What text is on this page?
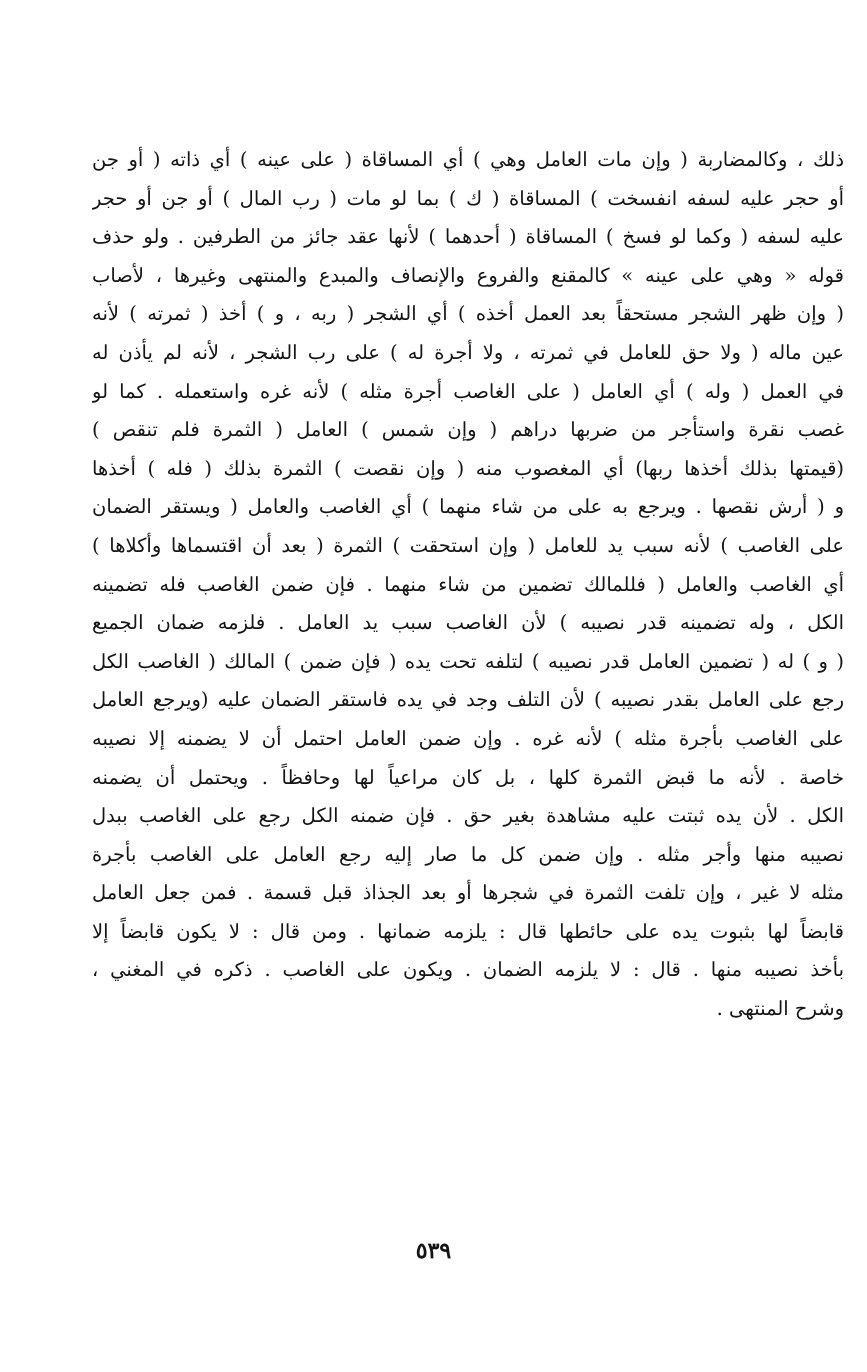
ذلك ، وكالمضاربة ( وإن مات العامل وهي ) أي المساقاة ( على عينه ) أي ذاته ( أو جن
أو حجر عليه لسفه انفسخت ) المساقاة ( ك ) بما لو مات ( رب المال ) أو جن أو حجر
عليه لسفه ( وكما لو فسخ ) المساقاة ( أحدهما ) لأنها عقد جائز من الطرفين . ولو حذف
قوله « وهي على عينه » كالمقنع والفروع والإنصاف والمبدع والمنتهى وغيرها ، لأصاب
( وإن ظهر الشجر مستحقاً بعد العمل أخذه ) أي الشجر ( ربه ، و ) أخذ ( ثمرته ) لأنه
عين ماله ( ولا حق للعامل في ثمرته ، ولا أجرة له ) على رب الشجر ، لأنه لم يأذن له
في العمل ( وله ) أي العامل ( على الغاصب أجرة مثله ) لأنه غره واستعمله . كما لو
غصب نقرة واستأجر من ضربها دراهم ( وإن شمس ) العامل ( الثمرة فلم تنقص )
(قيمتها بذلك أخذها ربها) أي المغصوب منه ( وإن نقصت ) الثمرة بذلك ( فله ) أخذها
و ( أرش نقصها . ويرجع به على من شاء منهما ) أي الغاصب والعامل ( ويستقر الضمان
على الغاصب ) لأنه سبب يد للعامل ( وإن استحقت ) الثمرة ( بعد أن اقتسماها وأكلاها )
أي الغاصب والعامل ( فللمالك تضمين من شاء منهما . فإن ضمن الغاصب فله تضمينه
الكل ، وله تضمينه قدر نصيبه ) لأن الغاصب سبب يد العامل . فلزمه ضمان الجميع
( و ) له ( تضمين العامل قدر نصيبه ) لتلفه تحت يده ( فإن ضمن ) المالك ( الغاصب الكل
رجع على العامل بقدر نصيبه ) لأن التلف وجد في يده فاستقر الضمان عليه (ويرجع العامل
على الغاصب بأجرة مثله ) لأنه غره . وإن ضمن العامل احتمل أن لا يضمنه إلا نصيبه
خاصة . لأنه ما قبض الثمرة كلها ، بل كان مراعياً لها وحافظاً . ويحتمل أن يضمنه
الكل . لأن يده ثبتت عليه مشاهدة بغير حق . فإن ضمنه الكل رجع على الغاصب ببدل
نصيبه منها وأجر مثله . وإن ضمن كل ما صار إليه رجع العامل على الغاصب بأجرة
مثله لا غير ، وإن تلفت الثمرة في شجرها أو بعد الجذاذ قبل قسمة . فمن جعل العامل
قابضاً لها بثبوت يده على حائطها قال : يلزمه ضمانها . ومن قال : لا يكون قابضاً إلا
بأخذ نصيبه منها . قال : لا يلزمه الضمان . ويكون على الغاصب . ذكره في المغني ،
وشرح المنتهى .
٥٣٩
